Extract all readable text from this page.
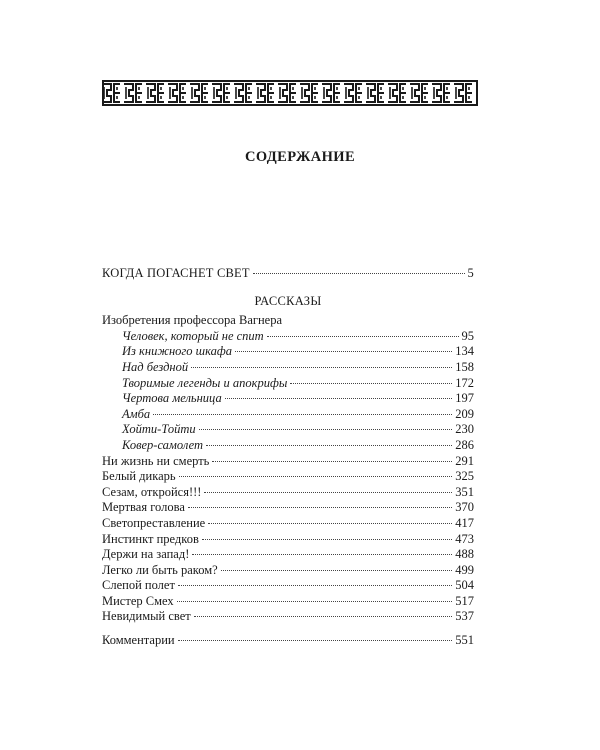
СОДЕРЖАНИЕ
КОГДА ПОГАСНЕТ СВЕТ	5
РАССКАЗЫ
Изобретения профессора Вагнера
Человек, который не спит	95
Из книжного шкафа	134
Над бездной	158
Творимые легенды и апокрифы	172
Чертова мельница	197
Амба	209
Хойти-Тойти	230
Ковер-самолет	286
Ни жизнь ни смерть	291
Белый дикарь	325
Сезам, откройся!!!	351
Мертвая голова	370
Светопреставление	417
Инстинкт предков	473
Держи на запад!	488
Легко ли быть раком?	499
Слепой полет	504
Мистер Смех	517
Невидимый свет	537
Комментарии	551
